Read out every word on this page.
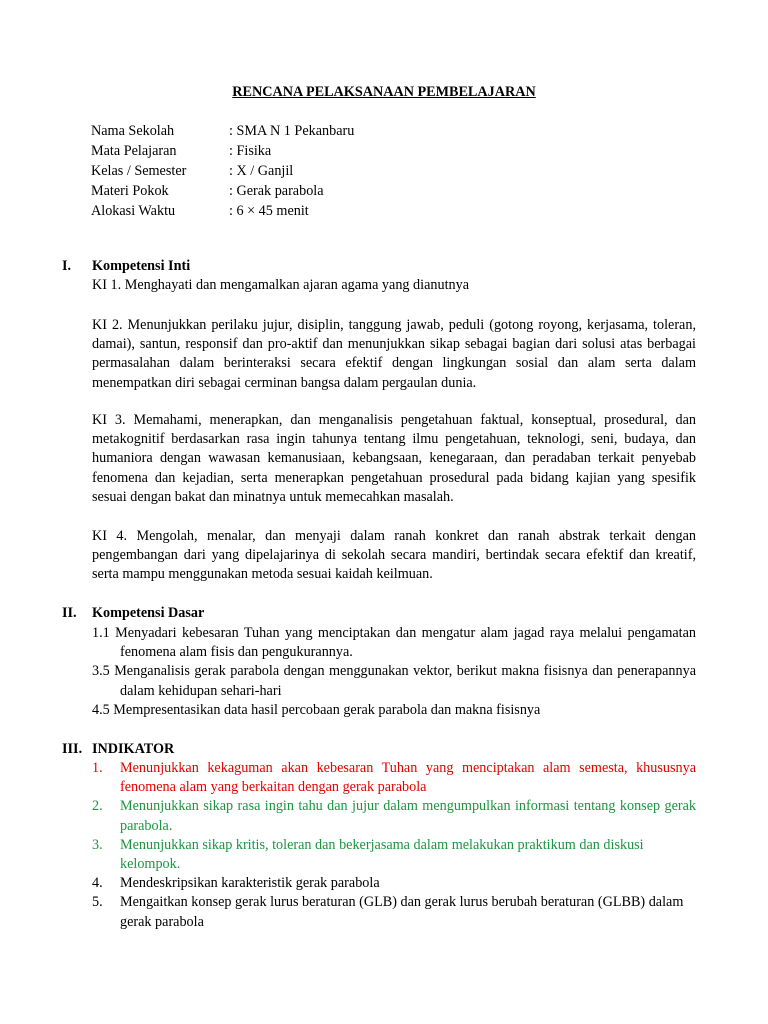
RENCANA PELAKSANAAN PEMBELAJARAN
Nama Sekolah	: SMA N 1 Pekanbaru
Mata Pelajaran	: Fisika
Kelas / Semester	: X / Ganjil
Materi Pokok	: Gerak parabola
Alokasi Waktu	: 6 × 45 menit
I.	Kompetensi Inti
KI 1. Menghayati dan mengamalkan ajaran agama yang dianutnya
KI 2. Menunjukkan perilaku jujur, disiplin, tanggung jawab, peduli (gotong royong, kerjasama, toleran, damai), santun, responsif dan pro-aktif dan menunjukkan sikap sebagai bagian dari solusi atas berbagai permasalahan dalam berinteraksi secara efektif dengan lingkungan sosial dan alam serta dalam menempatkan diri sebagai cerminan bangsa dalam pergaulan dunia.
KI 3. Memahami, menerapkan, dan menganalisis pengetahuan faktual, konseptual, prosedural, dan metakognitif berdasarkan rasa ingin tahunya tentang ilmu pengetahuan, teknologi, seni, budaya, dan humaniora dengan wawasan kemanusiaan, kebangsaan, kenegaraan, dan peradaban terkait penyebab fenomena dan kejadian, serta menerapkan pengetahuan prosedural pada bidang kajian yang spesifik sesuai dengan bakat dan minatnya untuk memecahkan masalah.
KI 4. Mengolah, menalar, dan menyaji dalam ranah konkret dan ranah abstrak terkait dengan pengembangan dari yang dipelajarinya di sekolah secara mandiri, bertindak secara efektif dan kreatif, serta mampu menggunakan metoda sesuai kaidah keilmuan.
II.	Kompetensi Dasar
1.1 Menyadari kebesaran Tuhan yang menciptakan dan mengatur alam jagad raya melalui pengamatan fenomena alam fisis dan pengukurannya.
3.5 Menganalisis gerak parabola dengan menggunakan vektor, berikut makna fisisnya dan penerapannya dalam kehidupan sehari-hari
4.5 Mempresentasikan data hasil percobaan gerak parabola dan makna fisisnya
III. INDIKATOR
1.	Menunjukkan kekaguman akan kebesaran Tuhan yang menciptakan alam semesta, khususnya fenomena alam yang berkaitan dengan gerak parabola
2.	Menunjukkan sikap rasa ingin tahu dan jujur dalam mengumpulkan informasi tentang konsep gerak parabola.
3.	Menunjukkan sikap kritis, toleran dan bekerjasama dalam melakukan praktikum dan diskusi kelompok.
4.	Mendeskripsikan karakteristik gerak parabola
5.	Mengaitkan konsep gerak lurus beraturan (GLB) dan gerak lurus berubah beraturan (GLBB) dalam gerak parabola
